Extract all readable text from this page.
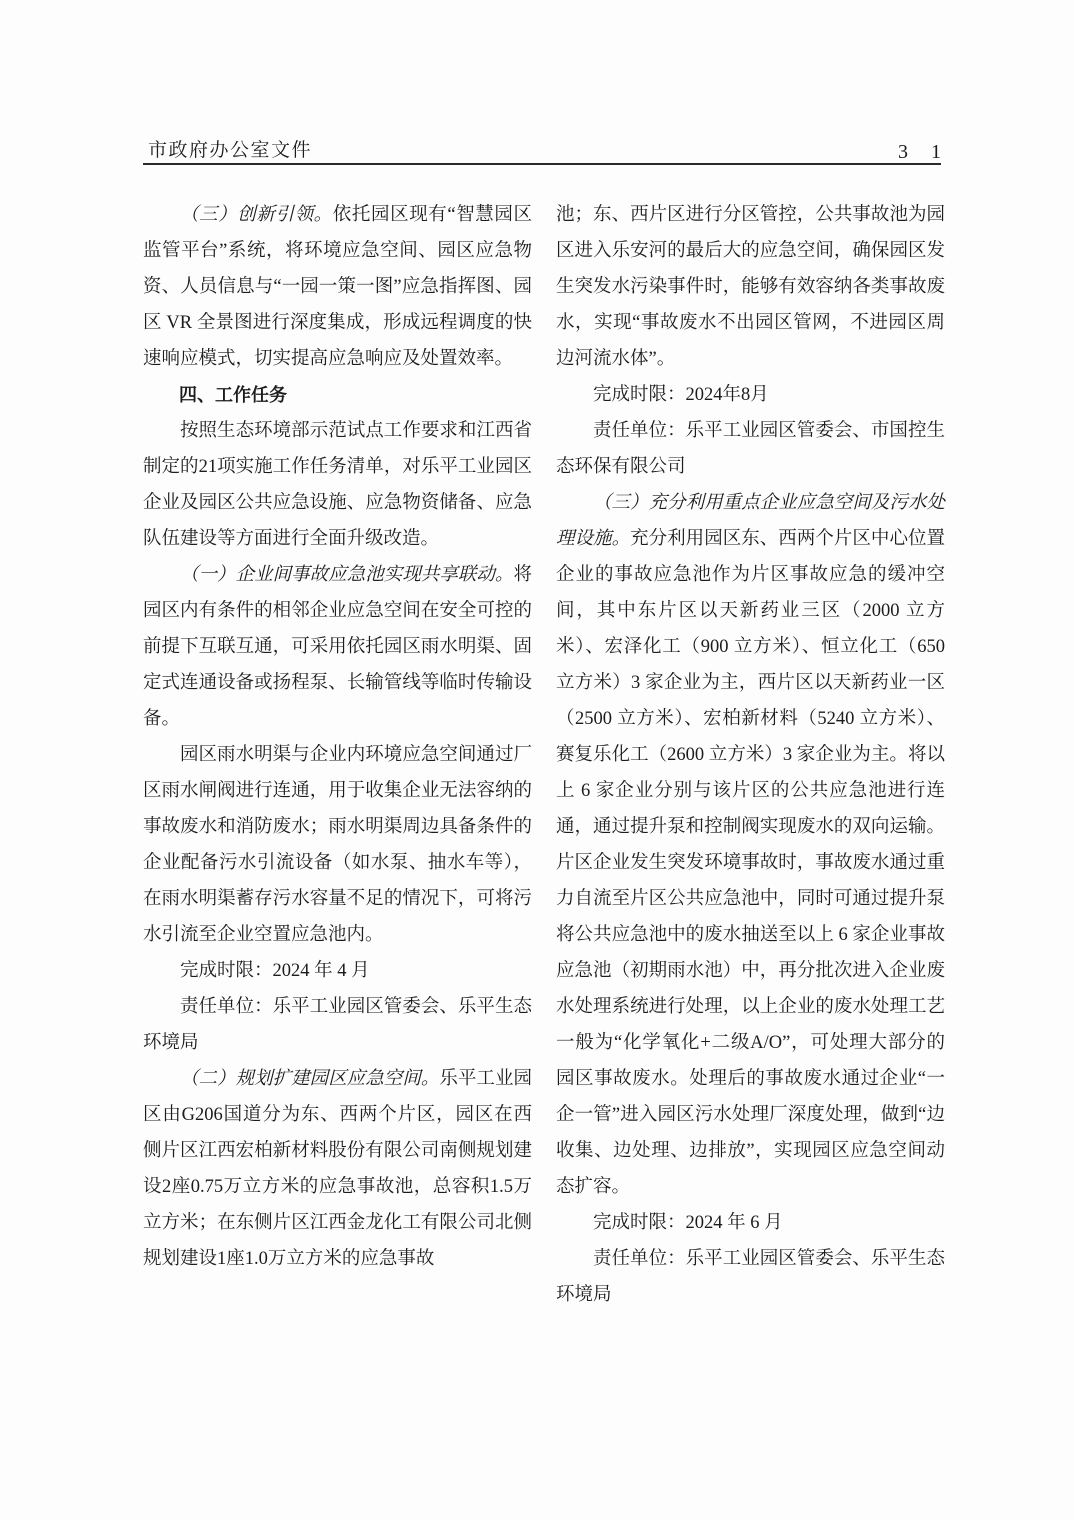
市政府办公室文件	3 1

（三）创新引领。依托园区现有“智慧园区监管平台”系统，将环境应急空间、园区应急物资、人员信息与“一园一策一图”应急指挥图、园区 VR 全景图进行深度集成，形成远程调度的快速响应模式，切实提高应急响应及处置效率。

四、工作任务

按照生态环境部示范试点工作要求和江西省制定的21项实施工作任务清单，对乐平工业园区企业及园区公共应急设施、应急物资储备、应急队伍建设等方面进行全面升级改造。

（一）企业间事故应急池实现共享联动。将园区内有条件的相邻企业应急空间在安全可控的前提下互联互通，可采用依托园区雨水明渠、固定式连通设备或扬程泵、长输管线等临时传输设备。

园区雨水明渠与企业内环境应急空间通过厂区雨水闸阀进行连通，用于收集企业无法容纳的事故废水和消防废水；雨水明渠周边具备条件的企业配备污水引流设备（如水泵、抽水车等），在雨水明渠蓄存污水容量不足的情况下，可将污水引流至企业空置应急池内。

完成时限：2024 年 4 月

责任单位：乐平工业园区管委会、乐平生态环境局

（二）规划扩建园区应急空间。乐平工业园区由G206国道分为东、西两个片区，园区在西侧片区江西宏柏新材料股份有限公司南侧规划建设2座0.75万立方米的应急事故池，总容积1.5万立方米；在东侧片区江西金龙化工有限公司北侧规划建设1座1.0万立方米的应急事故

池；东、西片区进行分区管控，公共事故池为园区进入乐安河的最后大的应急空间，确保园区发生突发水污染事件时，能够有效容纳各类事故废水，实现“事故废水不出园区管网，不进园区周边河流水体”。

完成时限：2024年8月

责任单位：乐平工业园区管委会、市国控生态环保有限公司

（三）充分利用重点企业应急空间及污水处理设施。充分利用园区东、西两个片区中心位置企业的事故应急池作为片区事故应急的缓冲空间，其中东片区以天新药业三区（2000 立方米）、宏泽化工（900 立方米）、恒立化工（650 立方米）3 家企业为主，西片区以天新药业一区（2500 立方米）、宏柏新材料（5240 立方米）、赛复乐化工（2600 立方米）3 家企业为主。将以上 6 家企业分别与该片区的公共应急池进行连通，通过提升泵和控制阀实现废水的双向运输。片区企业发生突发环境事故时，事故废水通过重力自流至片区公共应急池中，同时可通过提升泵将公共应急池中的废水抽送至以上 6 家企业事故应急池（初期雨水池）中，再分批次进入企业废水处理系统进行处理，以上企业的废水处理工艺一般为“化学氧化+二级A/O”，可处理大部分的园区事故废水。处理后的事故废水通过企业“一企一管”进入园区污水处理厂深度处理，做到“边收集、边处理、边排放”，实现园区应急空间动态扩容。

完成时限：2024 年 6 月

责任单位：乐平工业园区管委会、乐平生态环境局
